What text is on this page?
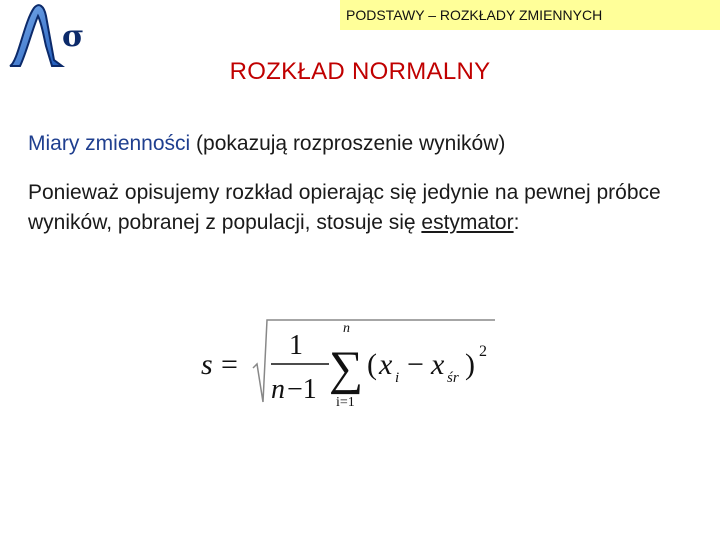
σ
PODSTAWY – ROZKŁADY ZMIENNYCH
ROZKŁAD NORMALNY
Miary zmienności (pokazują rozproszenie wyników)
Ponieważ opisujemy rozkład opierając się jedynie na pewnej próbce wyników, pobranej z populacji, stosuje się estymator:
s =
1
n −1
n
∑
i=1
( x i − x śr ) 2
